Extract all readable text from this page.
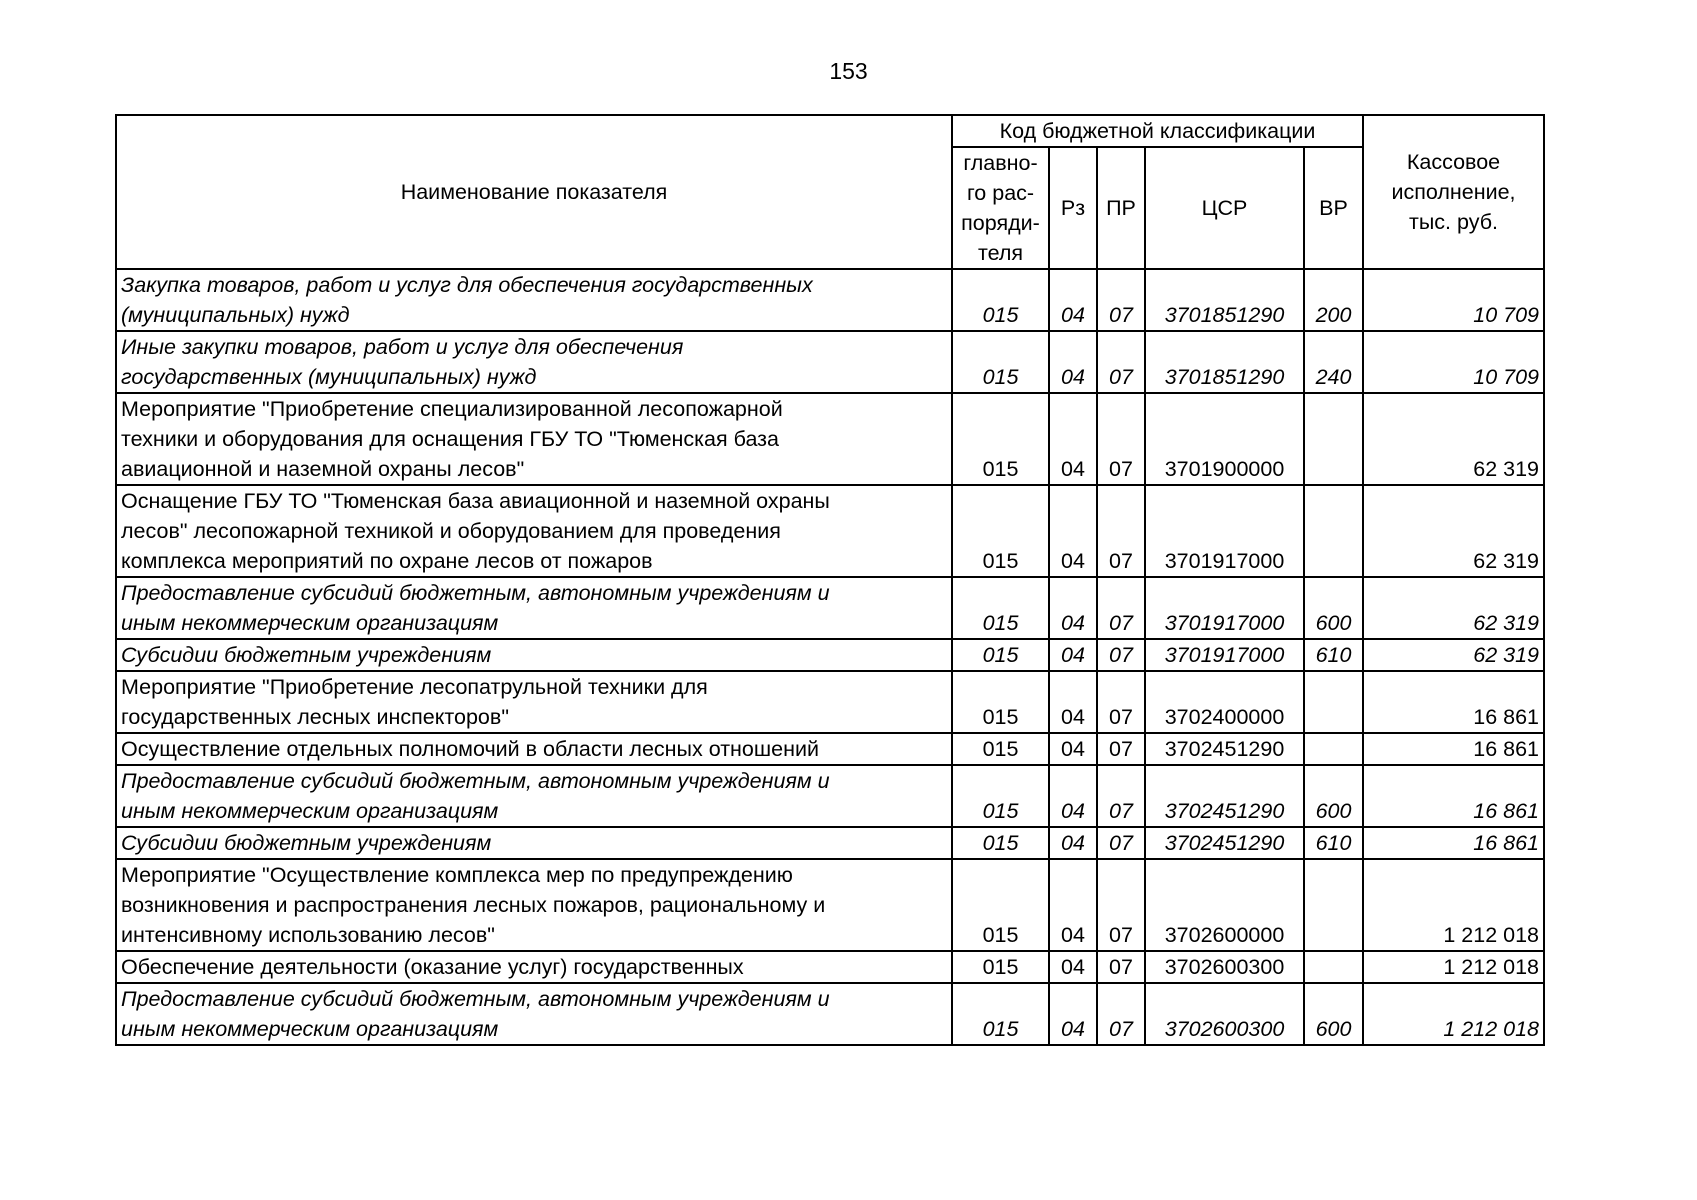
153
Наименование показателя	Код бюджетной классификации					Кассовое
исполнение,
тыс. руб.

	главно-
го рас-
поряди-
теля	Рз	ПР	ЦСР	ВР	

Закупка товаров, работ и услуг для обеспечения государственных
(муниципальных) нужд	015	04	07	3701851290	200	10 709

Иные закупки товаров, работ и услуг для обеспечения
государственных (муниципальных) нужд	015	04	07	3701851290	240	10 709

Мероприятие "Приобретение специализированной лесопожарной
техники и оборудования для оснащения ГБУ ТО "Тюменская база
авиационной и наземной охраны лесов"	015	04	07	3701900000		62 319

Оснащение ГБУ ТО "Тюменская база авиационной и наземной охраны
лесов" лесопожарной техникой и оборудованием для проведения
комплекса мероприятий по охране лесов от пожаров	015	04	07	3701917000		62 319

Предоставление субсидий бюджетным, автономным учреждениям и
иным некоммерческим организациям	015	04	07	3701917000	600	62 319

Субсидии бюджетным учреждениям	015	04	07	3701917000	610	62 319

Мероприятие "Приобретение лесопатрульной техники для
государственных лесных инспекторов"	015	04	07	3702400000		16 861

Осуществление отдельных полномочий в области лесных отношений	015	04	07	3702451290		16 861

Предоставление субсидий бюджетным, автономным учреждениям и
иным некоммерческим организациям	015	04	07	3702451290	600	16 861

Субсидии бюджетным учреждениям	015	04	07	3702451290	610	16 861

Мероприятие "Осуществление комплекса мер по предупреждению
возникновения и распространения лесных пожаров, рациональному и
интенсивному использованию лесов"	015	04	07	3702600000		1 212 018

Обеспечение деятельности (оказание услуг) государственных	015	04	07	3702600300		1 212 018

Предоставление субсидий бюджетным, автономным учреждениям и
иным некоммерческим организациям	015	04	07	3702600300	600	1 212 018
